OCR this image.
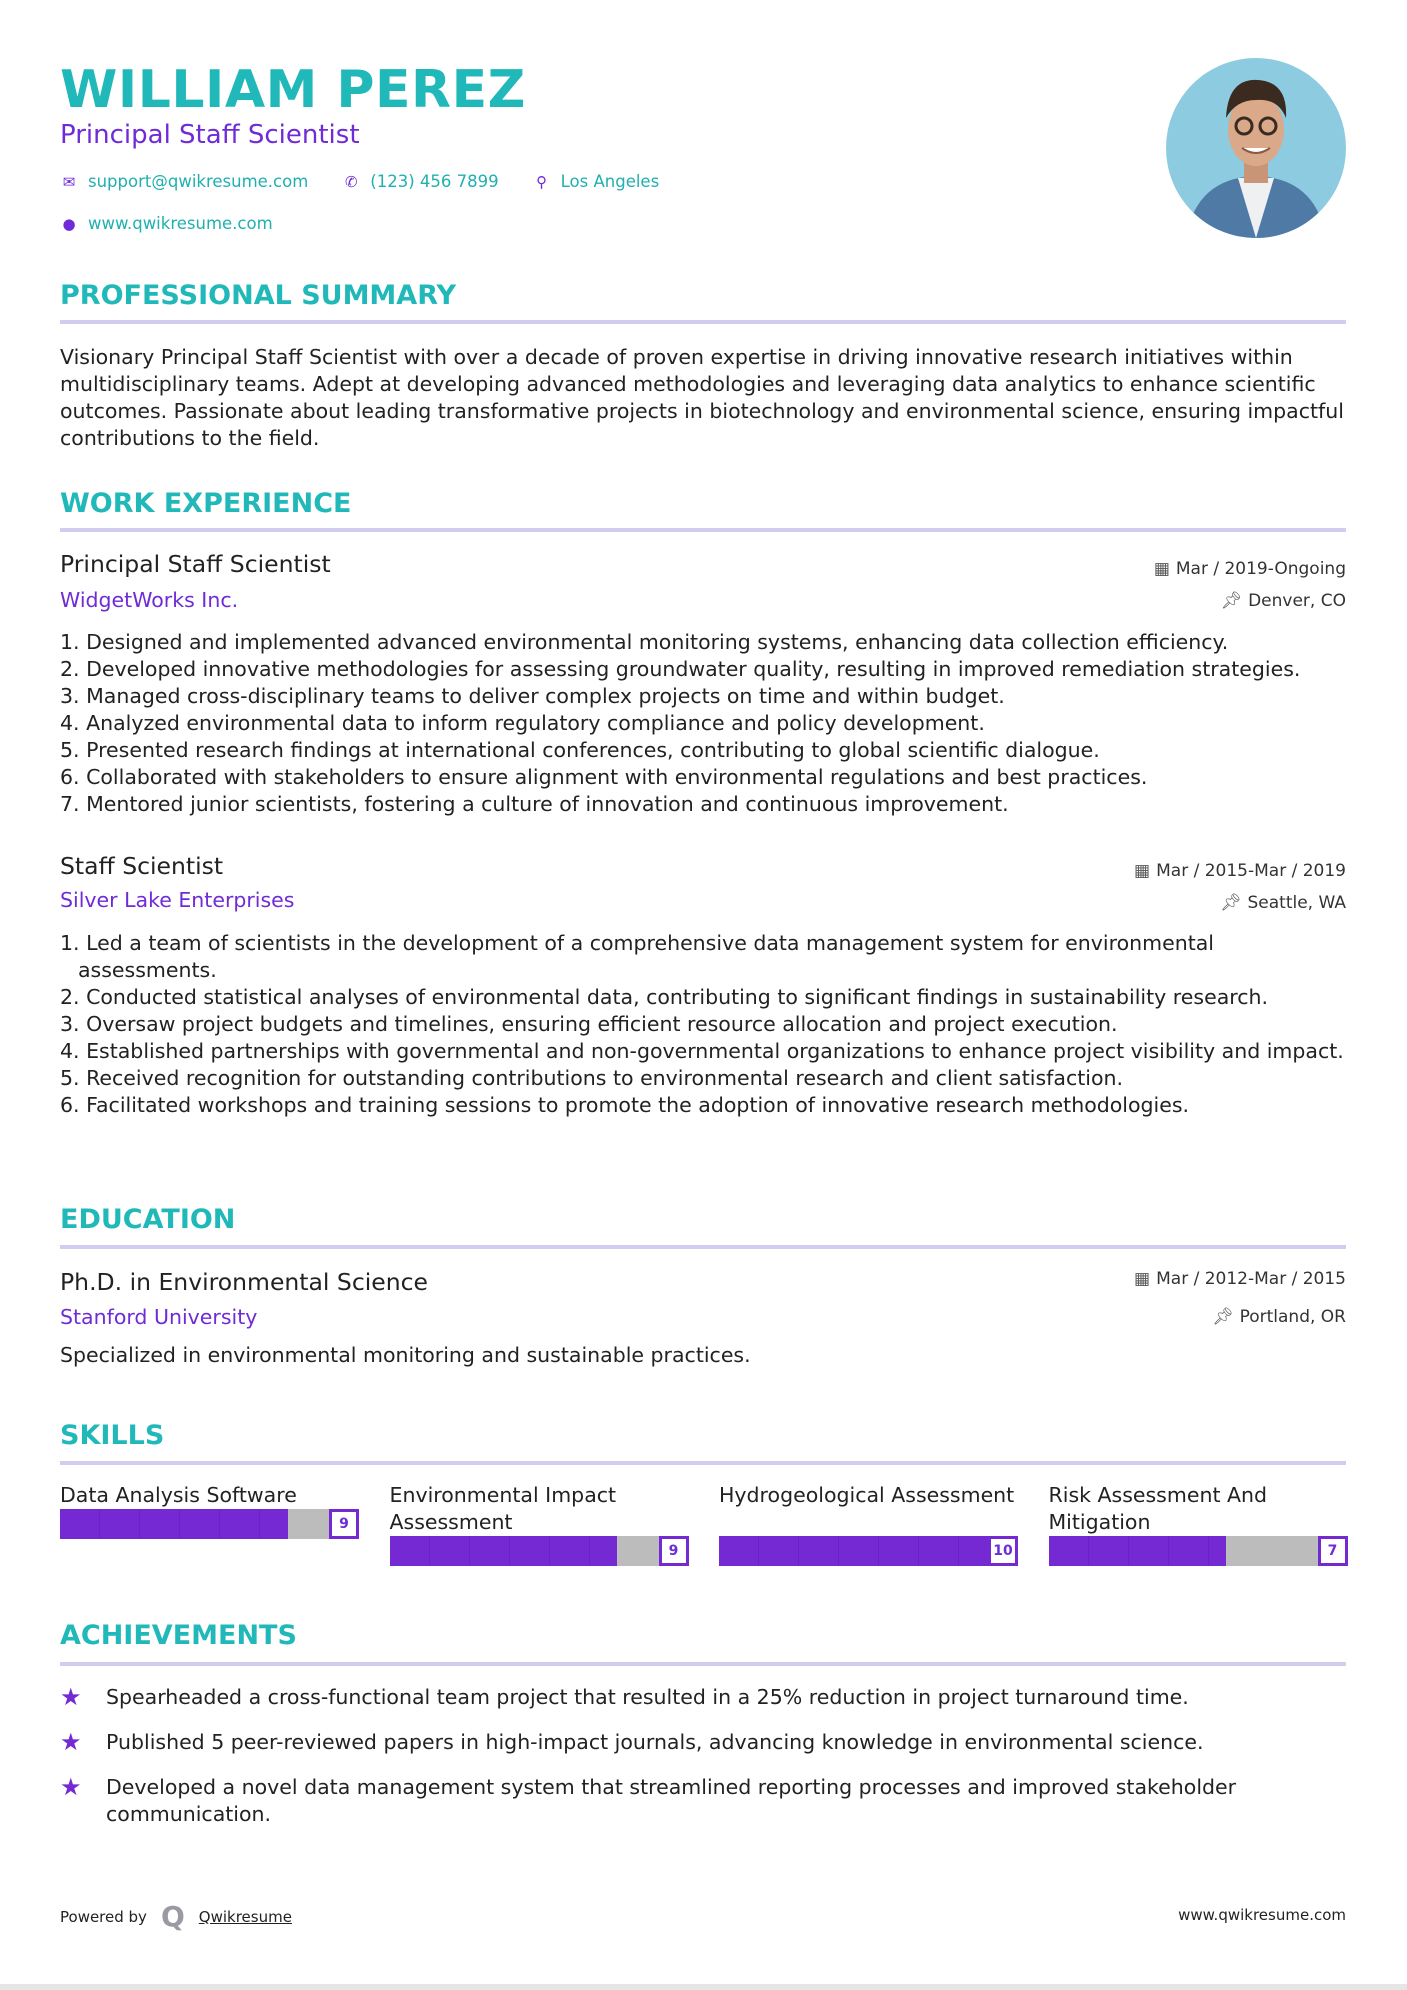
WILLIAM PEREZ
Principal Staff Scientist
✉ support@qwikresume.com ✆ (123) 456 7899	⚲ Los Angeles
● www.qwikresume.com
PROFESSIONAL SUMMARY
Visionary Principal Staff Scientist with over a decade of proven expertise in driving innovative research initiatives within multidisciplinary teams. Adept at developing advanced methodologies and leveraging data analytics to enhance scientific outcomes. Passionate about leading transformative projects in biotechnology and environmental science, ensuring impactful contributions to the field.
WORK EXPERIENCE
Principal Staff Scientist
WidgetWorks Inc.
▦ Mar / 2019-Ongoing
📌︎ Denver, CO
1. Designed and implemented advanced environmental monitoring systems, enhancing data collection efficiency.
2. Developed innovative methodologies for assessing groundwater quality, resulting in improved remediation strategies.
3. Managed cross-disciplinary teams to deliver complex projects on time and within budget.
4. Analyzed environmental data to inform regulatory compliance and policy development.
5. Presented research findings at international conferences, contributing to global scientific dialogue.
6. Collaborated with stakeholders to ensure alignment with environmental regulations and best practices.
7. Mentored junior scientists, fostering a culture of innovation and continuous improvement.
Staff Scientist
Silver Lake Enterprises
▦ Mar / 2015-Mar / 2019
📌︎ Seattle, WA
1. Led a team of scientists in the development of a comprehensive data management system for environmental assessments.
2. Conducted statistical analyses of environmental data, contributing to significant findings in sustainability research.
3. Oversaw project budgets and timelines, ensuring efficient resource allocation and project execution.
4. Established partnerships with governmental and non-governmental organizations to enhance project visibility and impact.
5. Received recognition for outstanding contributions to environmental research and client satisfaction.
6. Facilitated workshops and training sessions to promote the adoption of innovative research methodologies.
EDUCATION
Ph.D. in Environmental Science
Stanford University
▦ Mar / 2012-Mar / 2015
📌︎ Portland, OR
Specialized in environmental monitoring and sustainable practices.
SKILLS
Data Analysis Software
9
Environmental Impact Assessment
9
Hydrogeological Assessment
10
Risk Assessment And Mitigation
7
ACHIEVEMENTS
★	Spearheaded a cross-functional team project that resulted in a 25% reduction in project turnaround time.
★	Published 5 peer-reviewed papers in high-impact journals, advancing knowledge in environmental science.
★	Developed a novel data management system that streamlined reporting processes and improved stakeholder communication.
Powered by Q Qwikresume	www.qwikresume.com
